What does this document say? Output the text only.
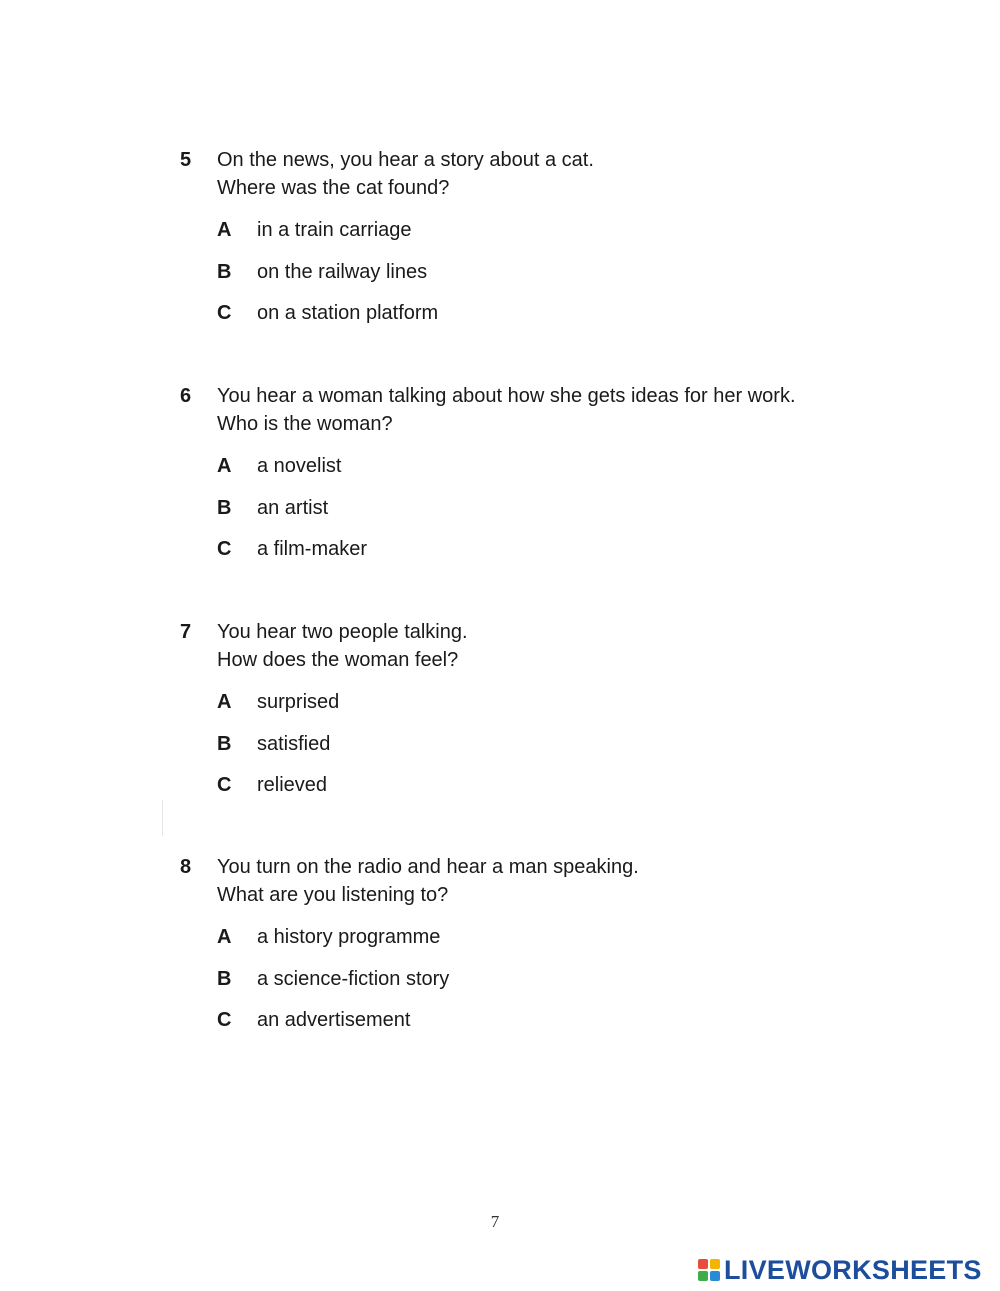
5 On the news, you hear a story about a cat.
Where was the cat found?
A	in a train carriage
B	on the railway lines
C	on a station platform
6 You hear a woman talking about how she gets ideas for her work.
Who is the woman?
A	a novelist
B	an artist
C	a film-maker
7 You hear two people talking.
How does the woman feel?
A	surprised
B	satisfied
C	relieved
8 You turn on the radio and hear a man speaking.
What are you listening to?
A	a history programme
B	a science-fiction story
C	an advertisement
7
LIVEWORKSHEETS
